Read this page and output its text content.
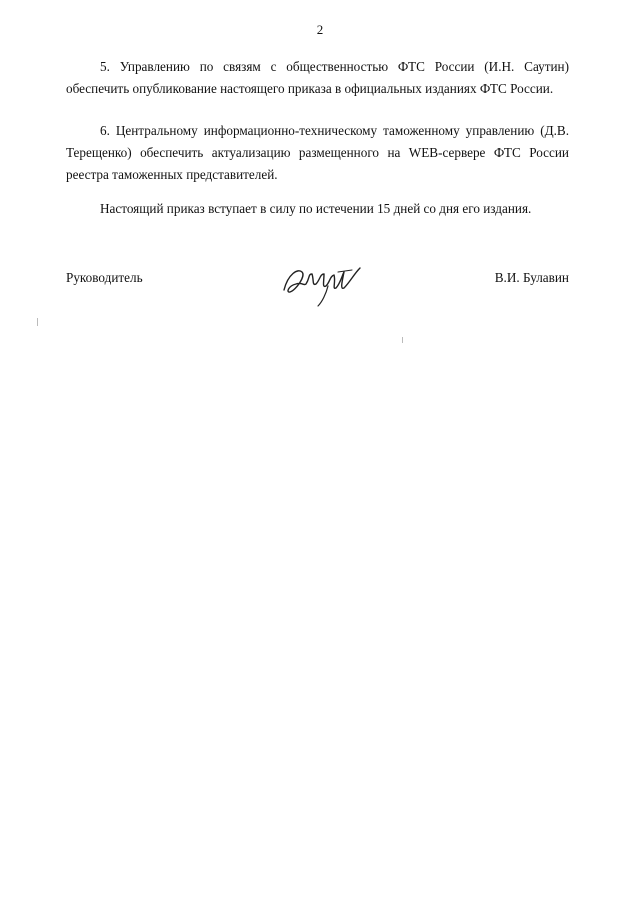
2

5. Управлению по связям с общественностью ФТС России (И.Н. Саутин) обеспечить опубликование настоящего приказа в официальных изданиях ФТС России.

6. Центральному информационно-техническому таможенному управлению (Д.В. Терещенко) обеспечить актуализацию размещенного на WEB-сервере ФТС России реестра таможенных представителей.

Настоящий приказ вступает в силу по истечении 15 дней со дня его издания.

Руководитель	В.И. Булавин
